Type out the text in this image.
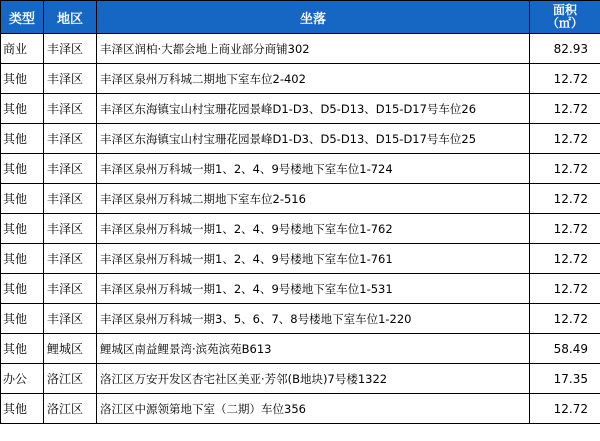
类型	地区	坐落	面积
（㎡）

商业	丰泽区	丰泽区润柏·大都会地上商业部分商铺302	82.93
其他	丰泽区	丰泽区泉州万科城二期地下室车位2-402	12.72
其他	丰泽区	丰泽区东海镇宝山村宝珊花园景峰D1-D3、D5-D13、D15-D17号车位26	12.72
其他	丰泽区	丰泽区东海镇宝山村宝珊花园景峰D1-D3、D5-D13、D15-D17号车位25	12.72
其他	丰泽区	丰泽区泉州万科城一期1、2、4、9号楼地下室车位1-724	12.72
其他	丰泽区	丰泽区泉州万科城二期地下室车位2-516	12.72
其他	丰泽区	丰泽区泉州万科城一期1、2、4、9号楼地下室车位1-762	12.72
其他	丰泽区	丰泽区泉州万科城一期1、2、4、9号楼地下室车位1-761	12.72
其他	丰泽区	丰泽区泉州万科城一期1、2、4、9号楼地下室车位1-531	12.72
其他	丰泽区	丰泽区泉州万科城一期3、5、6、7、8号楼地下室车位1-220	12.72
其他	鲤城区	鲤城区南益鲤景湾·滨苑滨苑B613	58.49
办公	洛江区	洛江区万安开发区杏宅社区美亚·芳邻(B地块)7号楼1322	17.35
其他	洛江区	洛江区中源领第地下室（二期）车位356	12.72
